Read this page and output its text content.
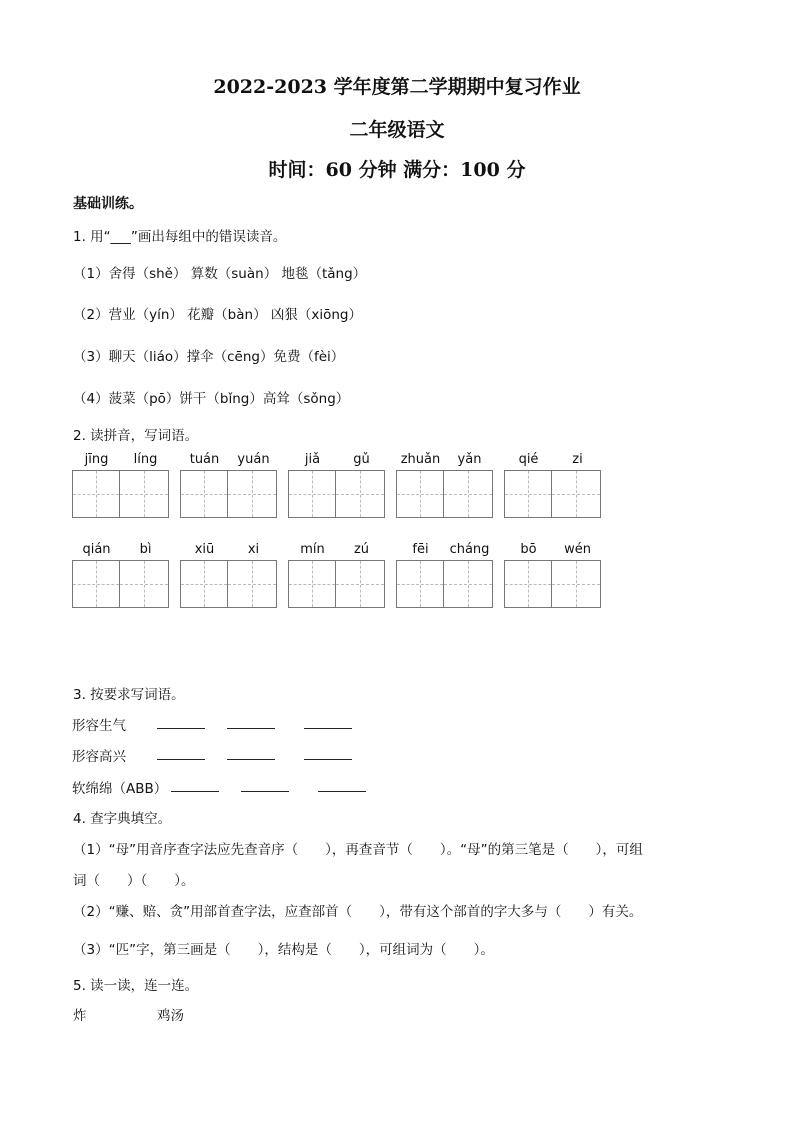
2022-2023 学年度第二学期期中复习作业
二年级语文
时间：60 分钟 满分：100 分
基础训练。
1. 用“___”画出每组中的错误读音。
（1）舍得（shě） 算数（suàn） 地毯（tǎng）
（2）营业（yín） 花瓣（bàn） 凶狠（xiōng）
（3）聊天（liáo）撑伞（cēng）免费（fèi）
（4）菠菜（pō）饼干（bǐng）高耸（sǒng）
2. 读拼音，写词语。
jīng	líng	tuán	yuán	jiǎ	gǔ	zhuǎn	yǎn	qié	zi
qián	bì	xiū	xi	mín	zú	fēi	cháng	bō	wén
3. 按要求写词语。
形容生气
形容高兴
软绵绵（ABB）
4. 查字典填空。
（1）“母”用音序查字法应先查音序（　　），再查音节（　　）。“母”的第三笔是（　　），可组
词（　　）（　　）。
（2）“赚、赔、贪”用部首查字法，应查部首（　　），带有这个部首的字大多与（　　）有关。
（3）“匹”字，第三画是（　　），结构是（　　），可组词为（　　）。
5. 读一读，连一连。
炸	鸡汤
